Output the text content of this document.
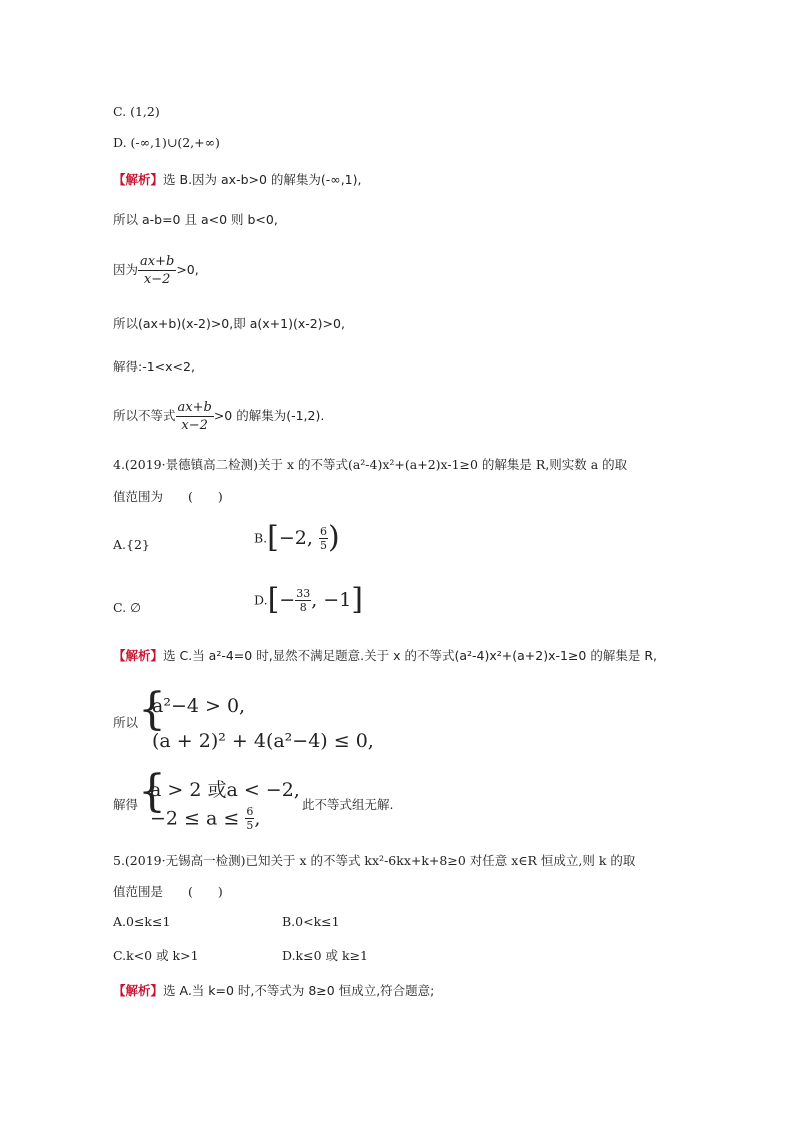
C. (1,2)
D. (-∞,1)∪(2,+∞)
【解析】选 B.因为 ax-b>0 的解集为(-∞,1),
所以 a-b=0 且 a<0 则 b<0,
因为 $\frac{ax+b}{x-2} >0$,
所以(ax+b)(x-2)>0,即 a(x+1)(x-2)>0,
解得:-1<x<2,
所以不等式 $\frac{ax+b}{x-2} >0$ 的解集为(-1,2).
4.(2019·景德镇高二检测)关于 x 的不等式(a²-4)x²+(a+2)x-1≥0 的解集是 R,则实数 a 的取
值范围为　　(　　)
A.{2}	B.[−2, $\frac{6}{5}$ )
C. ∅	$D.[- \frac{33}{8}$ , −1]
【解析】选 C.当 a²-4=0 时,显然不满足题意.关于 x 的不等式(a²-4)x²+(a+2)x-1≥0 的解集是 R,
所以 {
a²−4 > 0,
(a + 2)² + 4(a²−4) ≤ 0,
解得 {
a > 2 或a < −2,
$-2 \le a \le \frac{6}{5}$ ,
此不等式组无解.
5.(2019·无锡高一检测)已知关于 x 的不等式 kx²-6kx+k+8≥0 对任意 x∈R 恒成立,则 k 的取
值范围是　　(　　)
A.0≤k≤1	B.0<k≤1
C.k<0 或 k>1	D.k≤0 或 k≥1
【解析】选 A.当 k=0 时,不等式为 8≥0 恒成立,符合题意;
